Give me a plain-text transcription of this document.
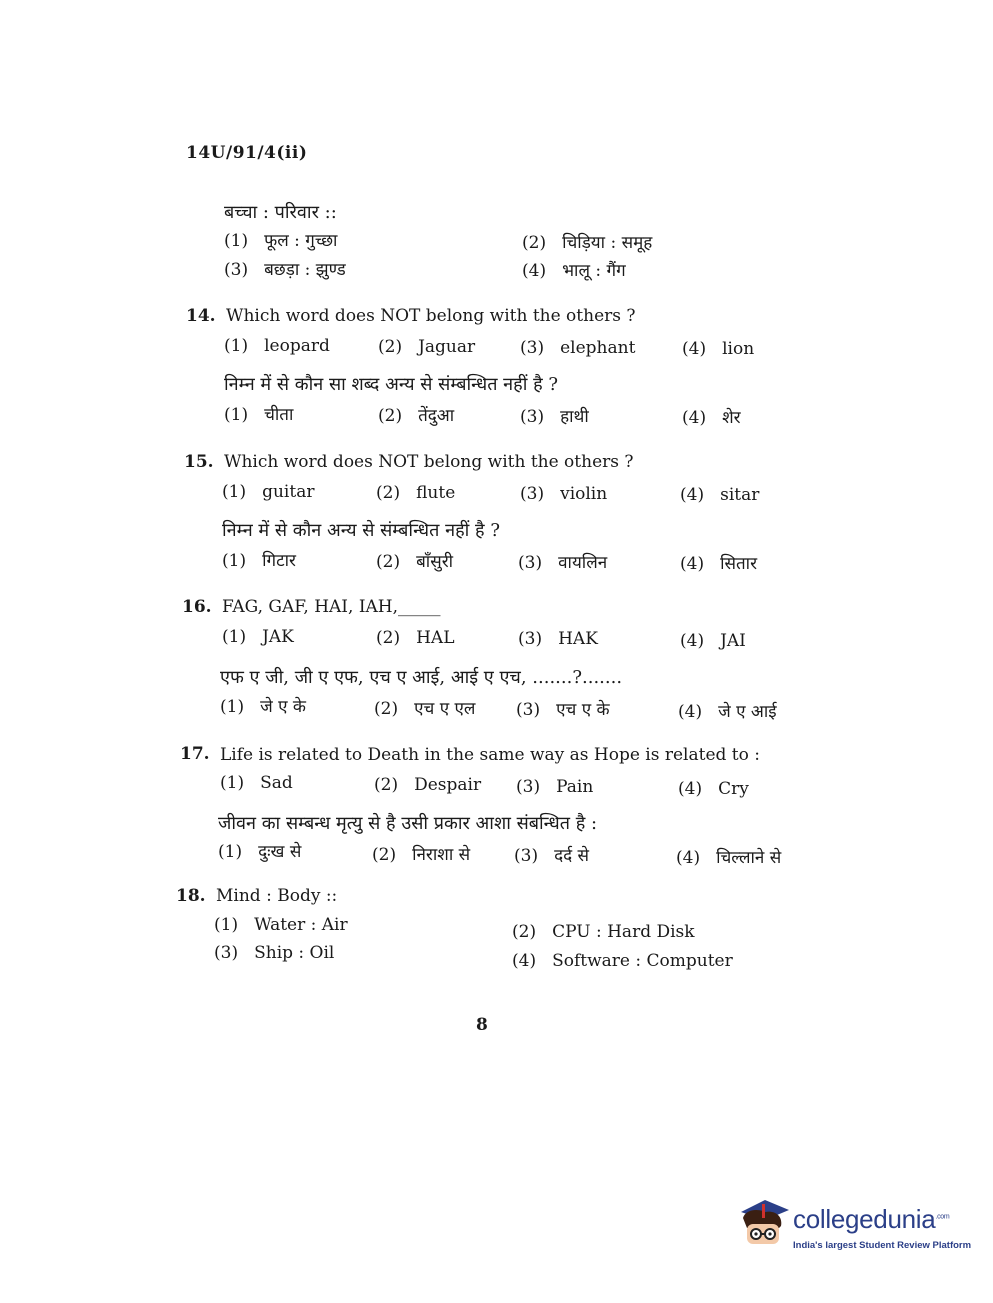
14U/91/4(ii)
बच्चा : परिवार ::
(1) फूल : गुच्छा	(2) चिड़िया : समूह
(3) बछड़ा : झुण्ड	(4) भालू : गैंग
14. Which word does NOT belong with the others ?
(1) leopard	(2) Jaguar	(3) elephant	(4) lion
निम्न में से कौन सा शब्द अन्य से संम्बन्धित नहीं है ?
(1) चीता	(2) तेंदुआ	(3) हाथी	(4) शेर
15. Which word does NOT belong with the others ?
(1) guitar	(2) flute	(3) violin	(4) sitar
निम्न में से कौन अन्य से संम्बन्धित नहीं है ?
(1) गिटार	(2) बाँसुरी	(3) वायलिन	(4) सितार
16. FAG, GAF, HAI, IAH,_____
(1) JAK	(2) HAL	(3) HAK	(4) JAI
एफ ए जी, जी ए एफ, एच ए आई, आई ए एच, .......?.......
(1) जे ए के	(2) एच ए एल (3) एच ए के	(4) जे ए आई
17. Life is related to Death in the same way as Hope is related to :
(1) Sad	(2) Despair (3) Pain	(4) Cry
जीवन का सम्बन्ध मृत्यु से है उसी प्रकार आशा संबन्धित है :
(1) दुःख से	(2) निराशा से	(3) दर्द से	(4) चिल्लाने से
18. Mind : Body ::
(1) Water : Air	(2) CPU : Hard Disk
(3) Ship : Oil	(4) Software : Computer
8
collegedunia$^{.com}$
India's largest Student Review Platform
